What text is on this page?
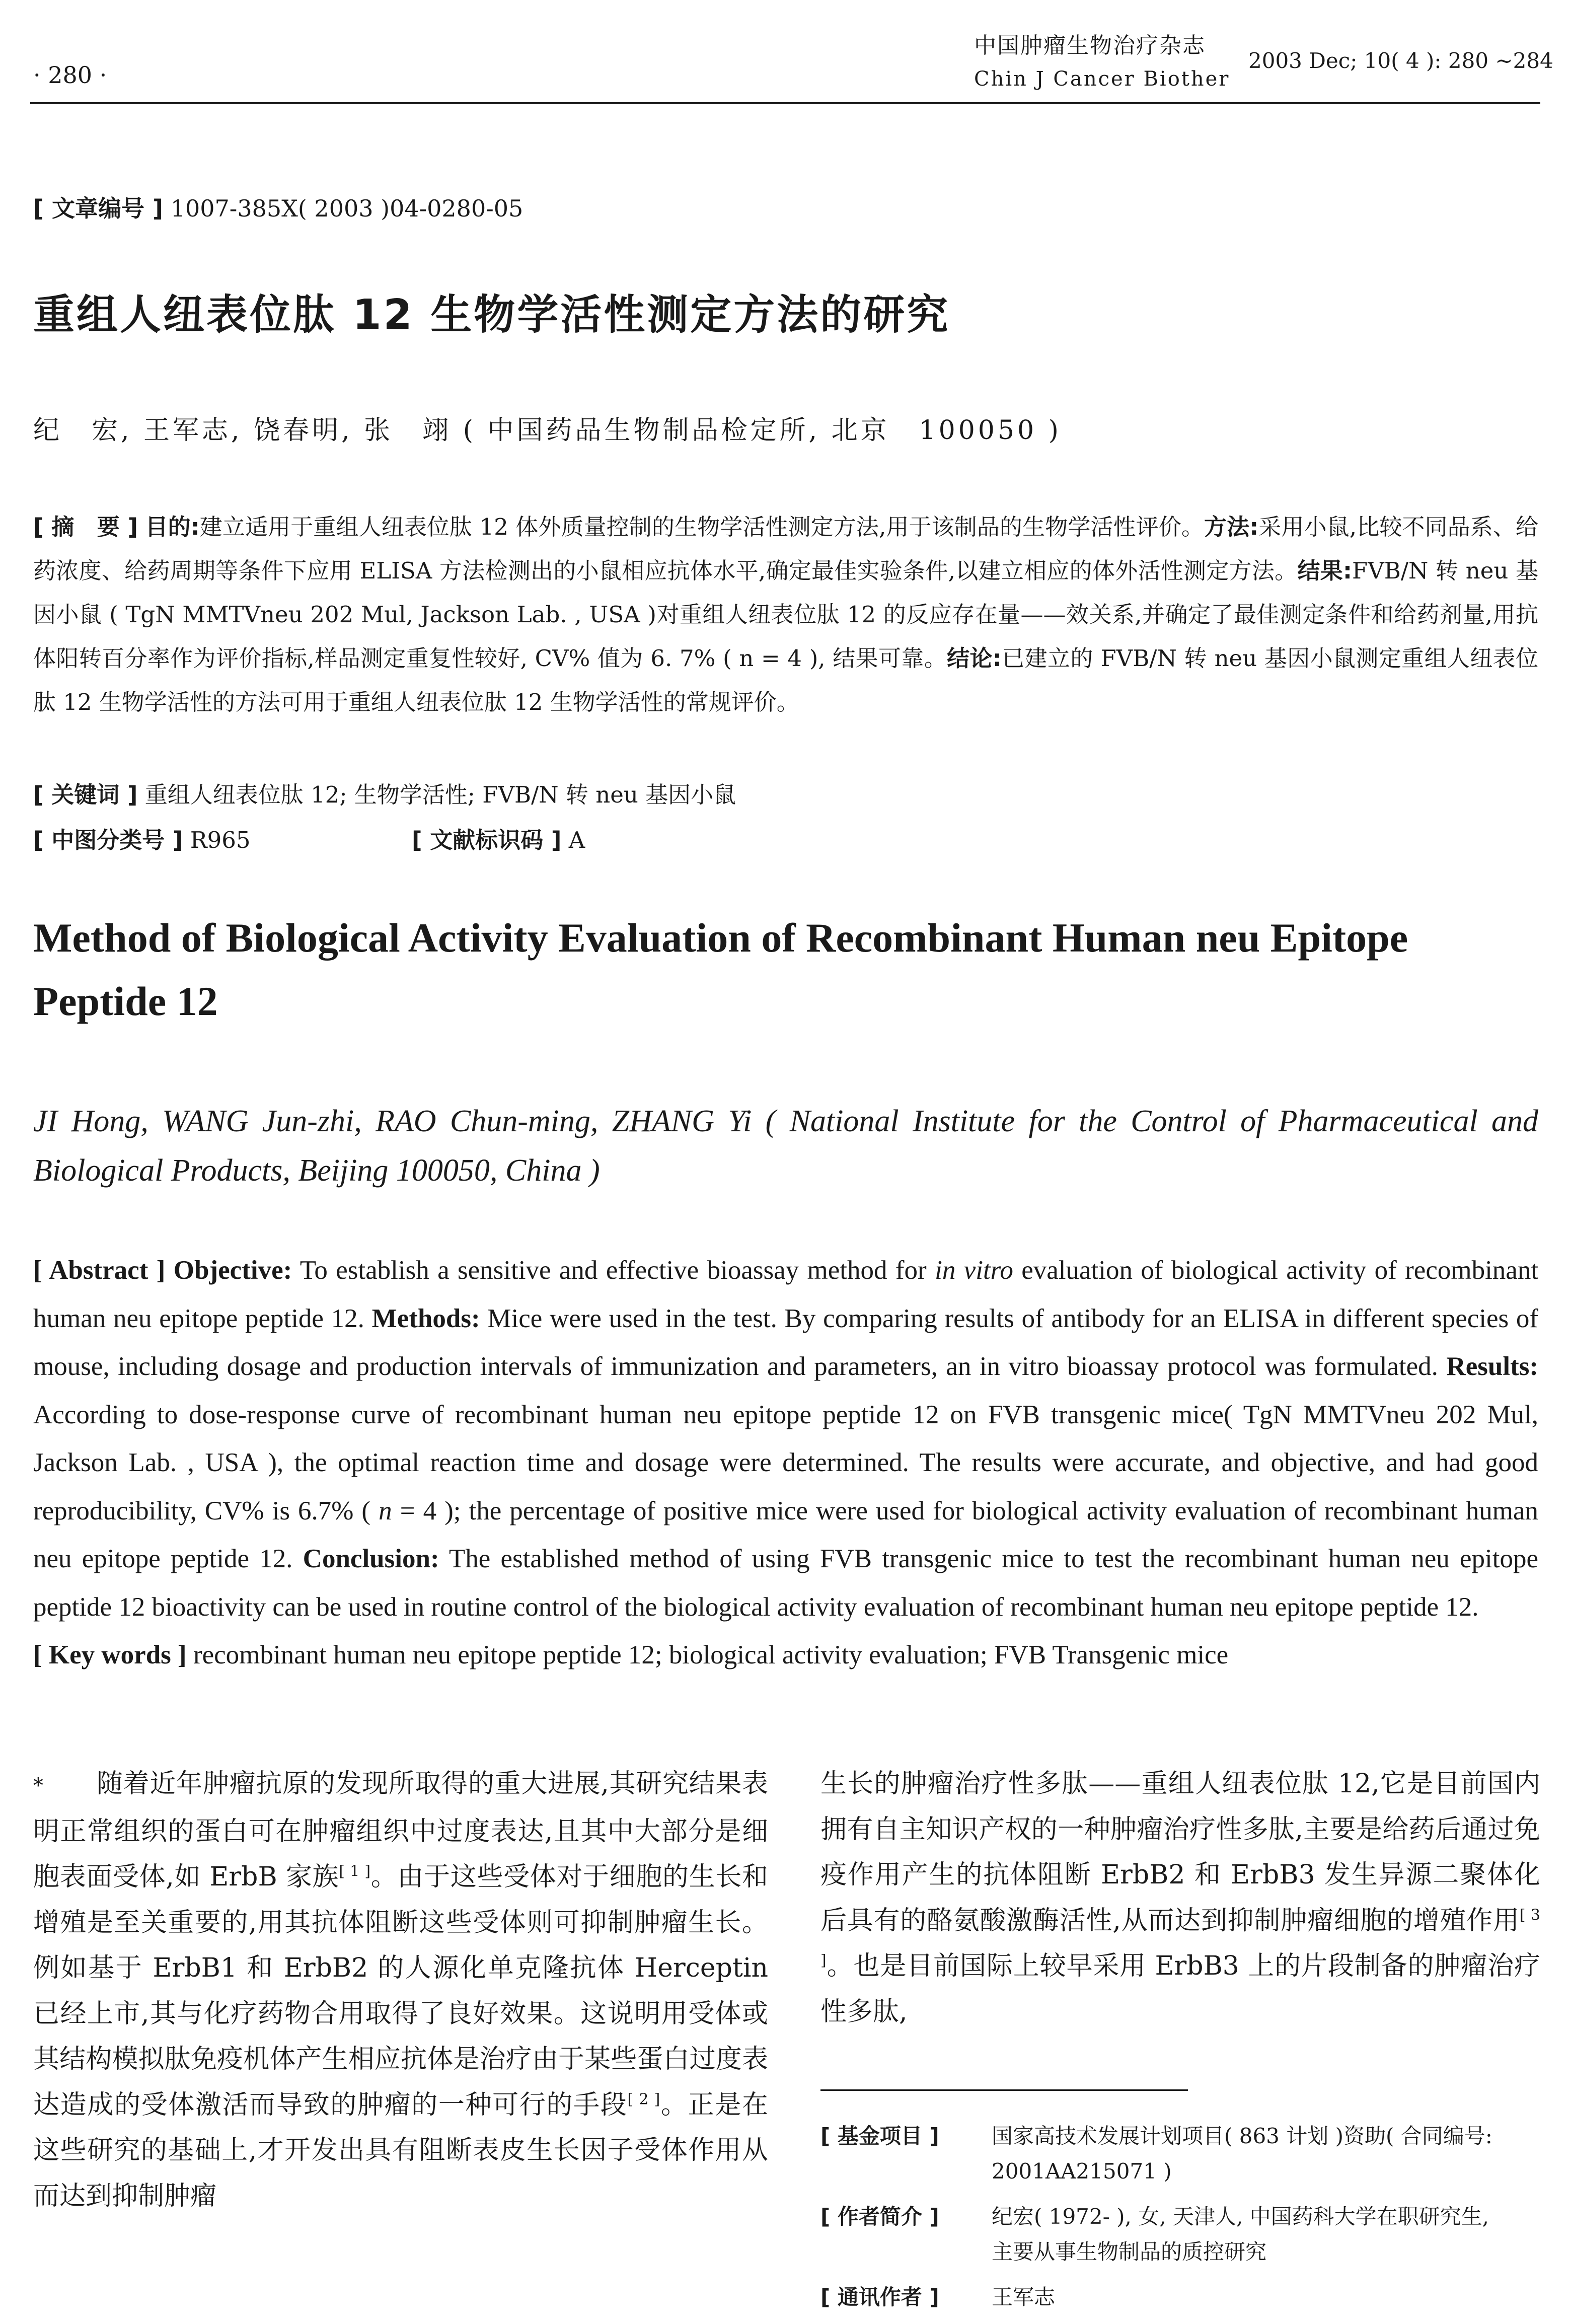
· 280 ·
中国肿瘤生物治疗杂志
Chin J Cancer Biother
2003 Dec; 10( 4 ): 280 ~284
[ 文章编号 ] 1007-385X( 2003 )04-0280-05
重组人纽表位肽 12 生物学活性测定方法的研究
纪　宏, 王军志, 饶春明, 张　翊 ( 中国药品生物制品检定所, 北京　100050 )
[ 摘　要 ] 目的:建立适用于重组人纽表位肽 12 体外质量控制的生物学活性测定方法,用于该制品的生物学活性评价。方法:采用小鼠,比较不同品系、给药浓度、给药周期等条件下应用 ELISA 方法检测出的小鼠相应抗体水平,确定最佳实验条件,以建立相应的体外活性测定方法。结果:FVB/N 转 neu 基因小鼠 ( TgN MMTVneu 202 Mul, Jackson Lab. , USA )对重组人纽表位肽 12 的反应存在量——效关系,并确定了最佳测定条件和给药剂量,用抗体阳转百分率作为评价指标,样品测定重复性较好, CV% 值为 6. 7% ( n = 4 ), 结果可靠。结论:已建立的 FVB/N 转 neu 基因小鼠测定重组人纽表位肽 12 生物学活性的方法可用于重组人纽表位肽 12 生物学活性的常规评价。
[ 关键词 ] 重组人纽表位肽 12; 生物学活性; FVB/N 转 neu 基因小鼠
[ 中图分类号 ] R965	[ 文献标识码 ] A
Method of Biological Activity Evaluation of Recombinant Human neu Epitope Peptide 12
JI Hong, WANG Jun-zhi, RAO Chun-ming, ZHANG Yi ( National Institute for the Control of Pharmaceutical and Biological Products, Beijing 100050, China )
[ Abstract ] Objective: To establish a sensitive and effective bioassay method for in vitro evaluation of biological activity of recombinant human neu epitope peptide 12. Methods: Mice were used in the test. By comparing results of antibody for an ELISA in different species of mouse, including dosage and production intervals of immunization and parameters, an in vitro bioassay protocol was formulated. Results: According to dose-response curve of recombinant human neu epitope peptide 12 on FVB transgenic mice( TgN MMTVneu 202 Mul, Jackson Lab. , USA ), the optimal reaction time and dosage were determined. The results were accurate, and objective, and had good reproducibility, CV% is 6.7% ( n = 4 ); the percentage of positive mice were used for biological activity evaluation of recombinant human neu epitope peptide 12. Conclusion: The established method of using FVB transgenic mice to test the recombinant human neu epitope peptide 12 bioactivity can be used in routine control of the biological activity evaluation of recombinant human neu epitope peptide 12.
[ Key words ] recombinant human neu epitope peptide 12; biological activity evaluation; FVB Transgenic mice
*　　 随着近年肿瘤抗原的发现所取得的重大进展,其研究结果表明正常组织的蛋白可在肿瘤组织中过度表达,且其中大部分是细胞表面受体,如 ErbB 家族[ 1 ]。由于这些受体对于细胞的生长和增殖是至关重要的,用其抗体阻断这些受体则可抑制肿瘤生长。例如基于 ErbB1 和 ErbB2 的人源化单克隆抗体 Herceptin 已经上市,其与化疗药物合用取得了良好效果。这说明用受体或其结构模拟肽免疫机体产生相应抗体是治疗由于某些蛋白过度表达造成的受体激活而导致的肿瘤的一种可行的手段[ 2 ]。正是在这些研究的基础上,才开发出具有阻断表皮生长因子受体作用从而达到抑制肿瘤
生长的肿瘤治疗性多肽——重组人纽表位肽 12,它是目前国内拥有自主知识产权的一种肿瘤治疗性多肽,主要是给药后通过免疫作用产生的抗体阻断 ErbB2 和 ErbB3 发生异源二聚体化后具有的酪氨酸激酶活性,从而达到抑制肿瘤细胞的增殖作用[ 3 ]。也是目前国际上较早采用 ErbB3 上的片段制备的肿瘤治疗性多肽,
[ 基金项目 ] 国家高技术发展计划项目( 863 计划 )资助( 合同编号: 2001AA215071 )
[ 作者简介 ] 纪宏( 1972- ), 女, 天津人, 中国药科大学在职研究生, 主要从事生物制品的质控研究
[ 通讯作者 ] 王军志
